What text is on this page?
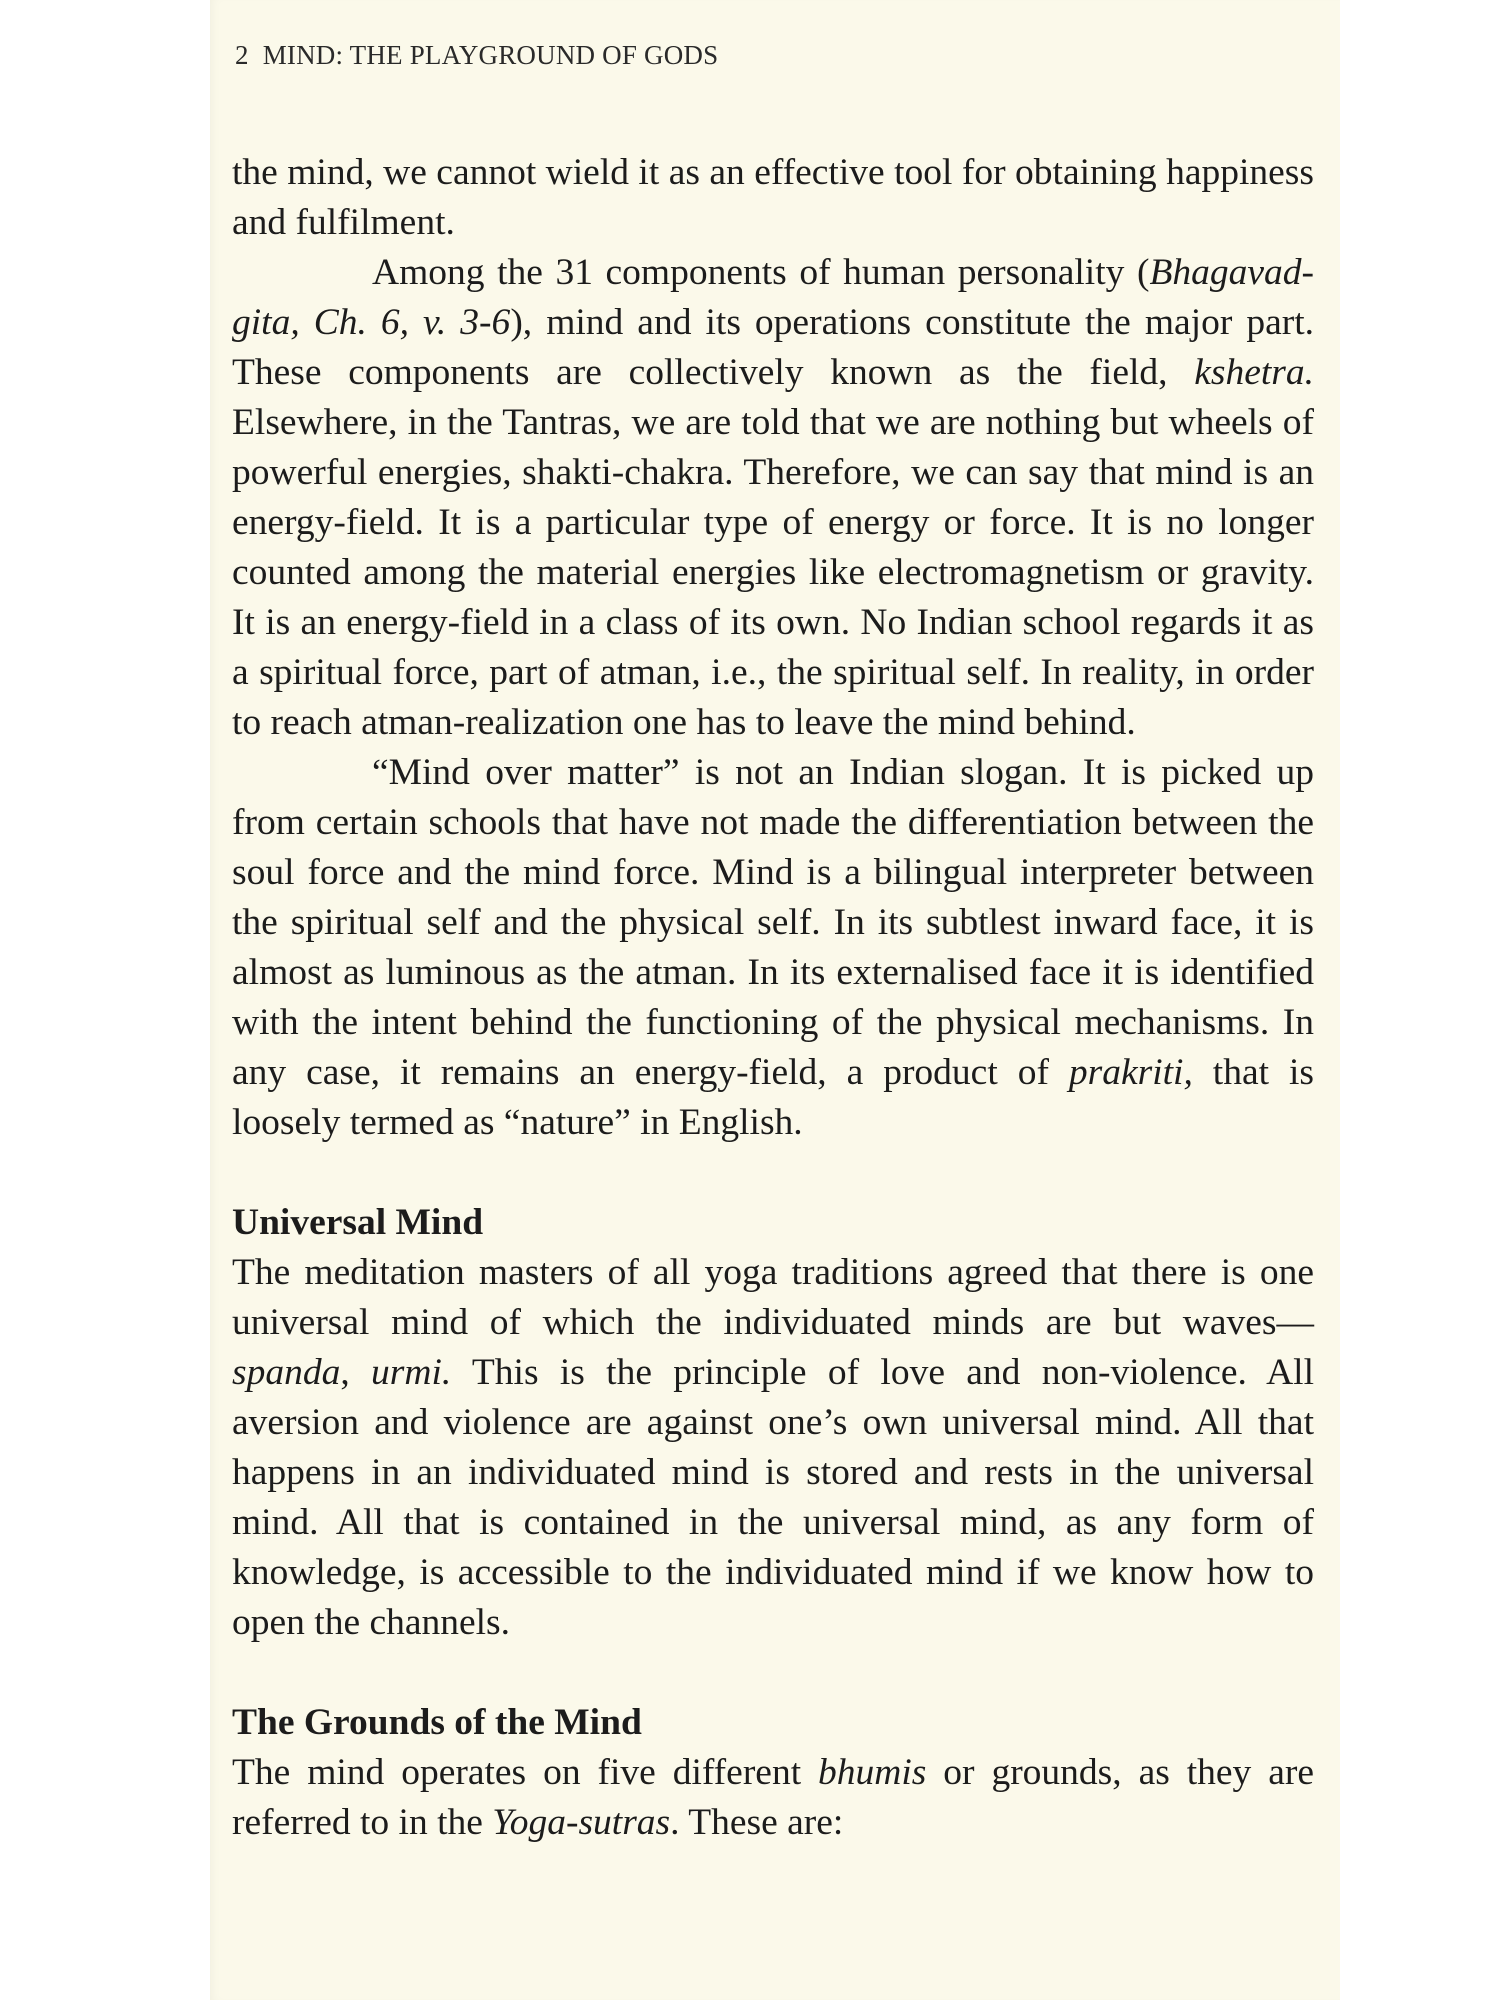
2 MIND: THE PLAYGROUND OF GODS

the mind, we cannot wield it as an effective tool for obtaining happiness and fulfilment.

Among the 31 components of human personality (Bhagavad-gita, Ch. 6, v. 3-6), mind and its operations constitute the major part. These components are collectively known as the field, kshetra. Elsewhere, in the Tantras, we are told that we are nothing but wheels of powerful energies, shakti-chakra. Therefore, we can say that mind is an energy-field. It is a particular type of energy or force. It is no longer counted among the material energies like electromagnetism or gravity. It is an energy-field in a class of its own. No Indian school regards it as a spiritual force, part of atman, i.e., the spiritual self. In reality, in order to reach atman-realization one has to leave the mind behind.

“Mind over matter” is not an Indian slogan. It is picked up from certain schools that have not made the differentiation between the soul force and the mind force. Mind is a bilingual interpreter between the spiritual self and the physical self. In its subtlest inward face, it is almost as luminous as the atman. In its externalised face it is identified with the intent behind the functioning of the physical mechanisms. In any case, it remains an energy-field, a product of prakriti, that is loosely termed as “nature” in English.

Universal Mind

The meditation masters of all yoga traditions agreed that there is one universal mind of which the individuated minds are but waves—spanda, urmi. This is the principle of love and non-violence. All aversion and violence are against one’s own universal mind. All that happens in an individuated mind is stored and rests in the universal mind. All that is contained in the universal mind, as any form of knowledge, is accessible to the individuated mind if we know how to open the channels.

The Grounds of the Mind

The mind operates on five different bhumis or grounds, as they are referred to in the Yoga-sutras. These are:
